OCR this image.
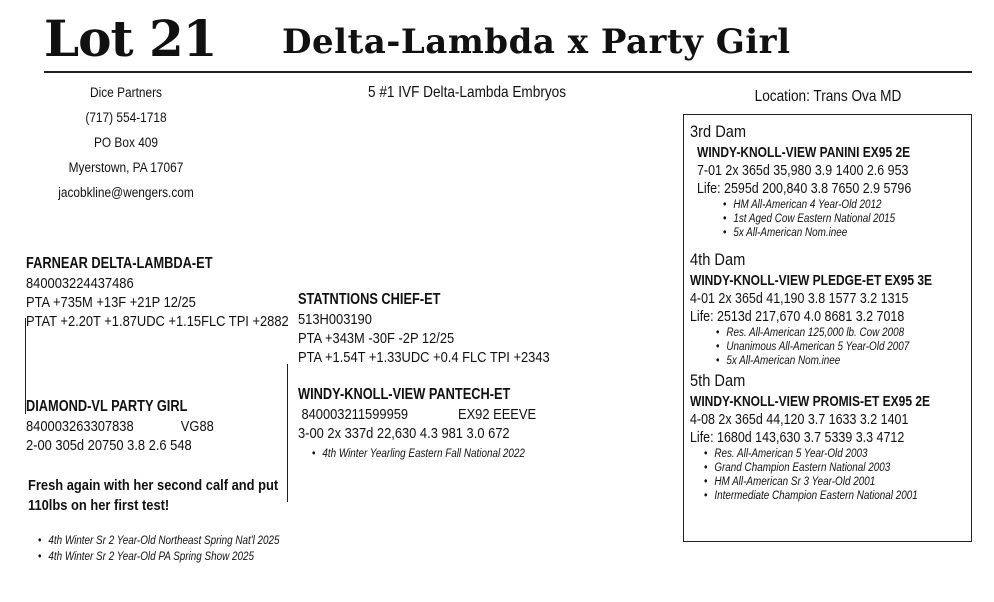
Lot 21 Delta-Lambda x Party Girl
Dice Partners
(717) 554-1718
PO Box 409
Myerstown, PA 17067
jacobkline@wengers.com
5 #1 IVF Delta-Lambda Embryos	Location: Trans Ova MD
FARNEAR DELTA-LAMBDA-ET
840003224437486
PTA +735M +13F +21P 12/25
PTAT +2.20T +1.87UDC +1.15FLC TPI +2882
DIAMOND-VL PARTY GIRL
840003263307838	VG88
2-00 305d 20750 3.8 2.6 548
Fresh again with her second calf and put 110lbs on her first test!
• 4th Winter Sr 2 Year-Old Northeast Spring Nat'l 2025
• 4th Winter Sr 2 Year-Old PA Spring Show 2025
STATNTIONS CHIEF-ET
513H003190
PTA +343M -30F -2P 12/25
PTA +1.54T +1.33UDC +0.4 FLC TPI +2343
WINDY-KNOLL-VIEW PANTECH-ET
840003211599959	EX92 EEEVE
3-00 2x 337d 22,630 4.3 981 3.0 672
• 4th Winter Yearling Eastern Fall National 2022
3rd Dam
WINDY-KNOLL-VIEW PANINI EX95 2E
7-01 2x 365d 35,980 3.9 1400 2.6 953
Life: 2595d 200,840 3.8 7650 2.9 5796
• HM All-American 4 Year-Old 2012
• 1st Aged Cow Eastern National 2015
• 5x All-American Nom.inee
4th Dam
WINDY-KNOLL-VIEW PLEDGE-ET EX95 3E
4-01 2x 365d 41,190 3.8 1577 3.2 1315
Life: 2513d 217,670 4.0 8681 3.2 7018
• Res. All-American 125,000 lb. Cow 2008
• Unanimous All-American 5 Year-Old 2007
• 5x All-American Nom.inee
5th Dam
WINDY-KNOLL-VIEW PROMIS-ET EX95 2E
4-08 2x 365d 44,120 3.7 1633 3.2 1401
Life: 1680d 143,630 3.7 5339 3.3 4712
• Res. All-American 5 Year-Old 2003
• Grand Champion Eastern National 2003
• HM All-American Sr 3 Year-Old 2001
• Intermediate Champion Eastern National 2001
